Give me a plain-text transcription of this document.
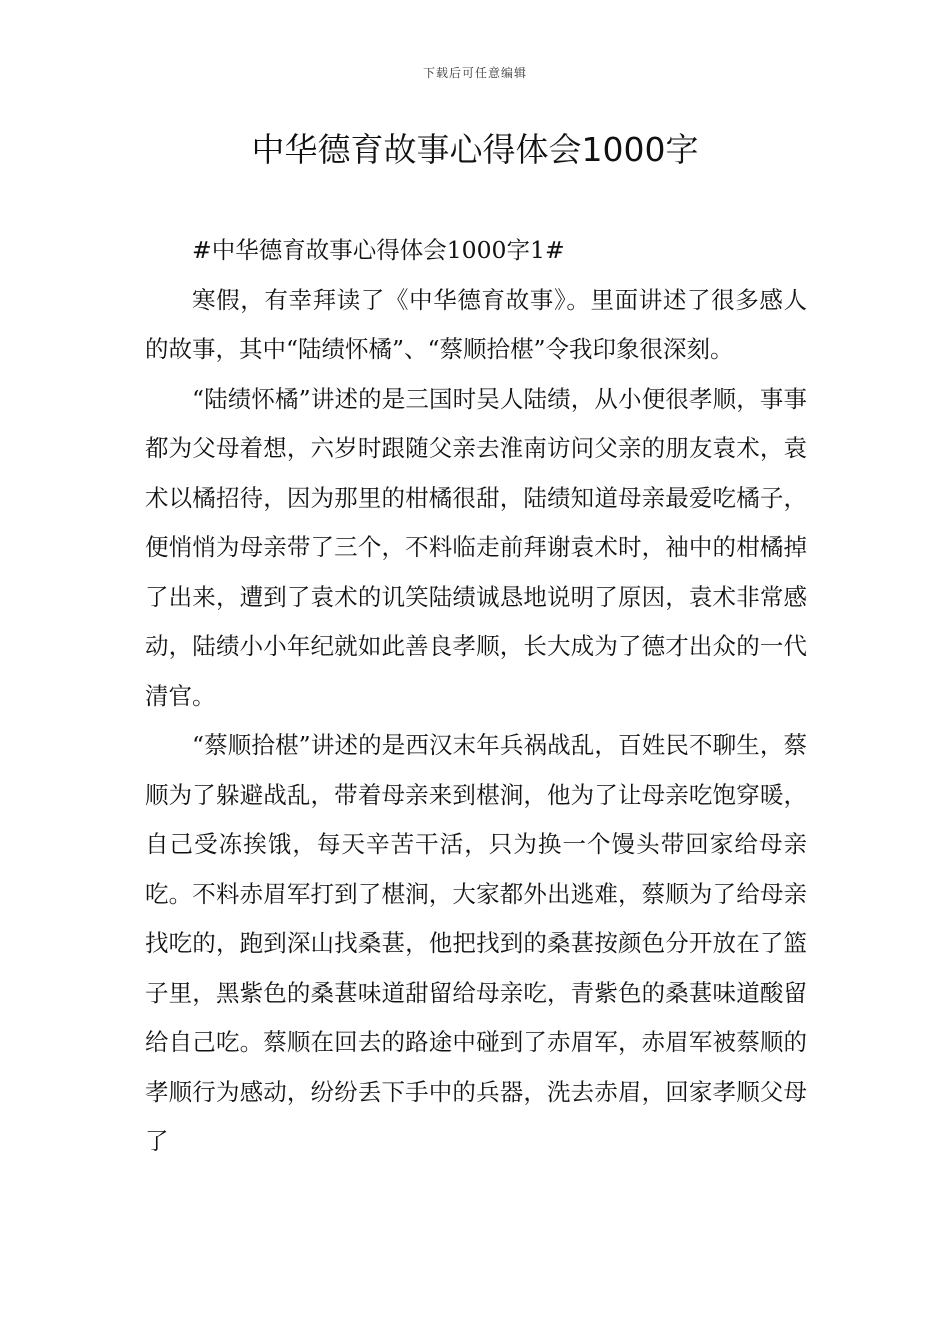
下载后可任意编辑
中华德育故事心得体会1000字

#中华德育故事心得体会1000字1#

寒假，有幸拜读了《中华德育故事》。里面讲述了很多感人的故事，其中“陆绩怀橘”、“蔡顺拾椹”令我印象很深刻。

“陆绩怀橘”讲述的是三国时吴人陆绩，从小便很孝顺，事事都为父母着想，六岁时跟随父亲去淮南访问父亲的朋友袁术，袁术以橘招待，因为那里的柑橘很甜，陆绩知道母亲最爱吃橘子，便悄悄为母亲带了三个，不料临走前拜谢袁术时，袖中的柑橘掉了出来，遭到了袁术的讥笑陆绩诚恳地说明了原因，袁术非常感动，陆绩小小年纪就如此善良孝顺，长大成为了德才出众的一代清官。

“蔡顺拾椹”讲述的是西汉末年兵祸战乱，百姓民不聊生，蔡顺为了躲避战乱，带着母亲来到椹涧，他为了让母亲吃饱穿暖，自己受冻挨饿，每天辛苦干活，只为换一个馒头带回家给母亲吃。不料赤眉军打到了椹涧，大家都外出逃难，蔡顺为了给母亲找吃的，跑到深山找桑葚，他把找到的桑葚按颜色分开放在了篮子里，黑紫色的桑葚味道甜留给母亲吃，青紫色的桑葚味道酸留给自己吃。蔡顺在回去的路途中碰到了赤眉军，赤眉军被蔡顺的孝顺行为感动，纷纷丢下手中的兵器，洗去赤眉，回家孝顺父母了
